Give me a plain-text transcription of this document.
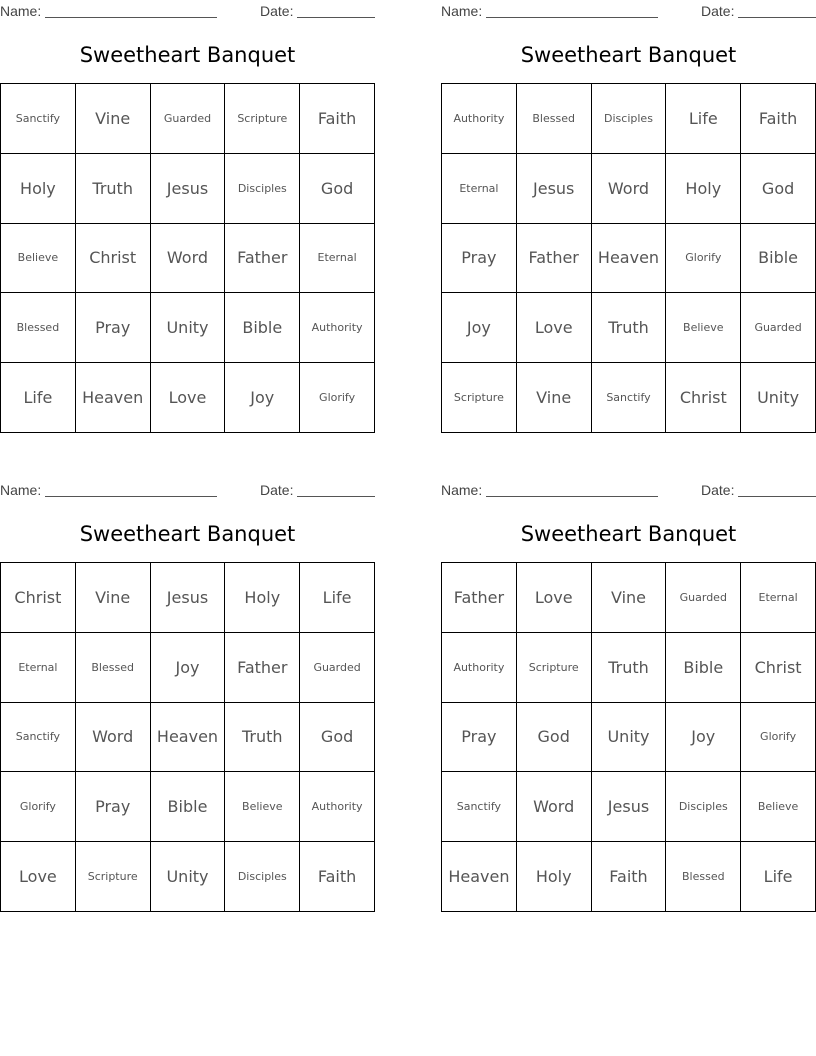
Name:	Date:
Sweetheart Banquet
Sanctify	Vine	Guarded	Scripture	Faith
Holy	Truth	Jesus	Disciples	God
Believe	Christ	Word	Father	Eternal
Blessed	Pray	Unity	Bible	Authority
Life	Heaven	Love	Joy	Glorify
Name:	Date:
Sweetheart Banquet
Authority	Blessed	Disciples	Life	Faith
Eternal	Jesus	Word	Holy	God
Pray	Father	Heaven	Glorify	Bible
Joy	Love	Truth	Believe	Guarded
Scripture	Vine	Sanctify	Christ	Unity
Name:	Date:
Sweetheart Banquet
Christ	Vine	Jesus	Holy	Life
Eternal	Blessed	Joy	Father	Guarded
Sanctify	Word	Heaven	Truth	God
Glorify	Pray	Bible	Believe	Authority
Love	Scripture	Unity	Disciples	Faith
Name:	Date:
Sweetheart Banquet
Father	Love	Vine	Guarded	Eternal
Authority	Scripture	Truth	Bible	Christ
Pray	God	Unity	Joy	Glorify
Sanctify	Word	Jesus	Disciples	Believe
Heaven	Holy	Faith	Blessed	Life
